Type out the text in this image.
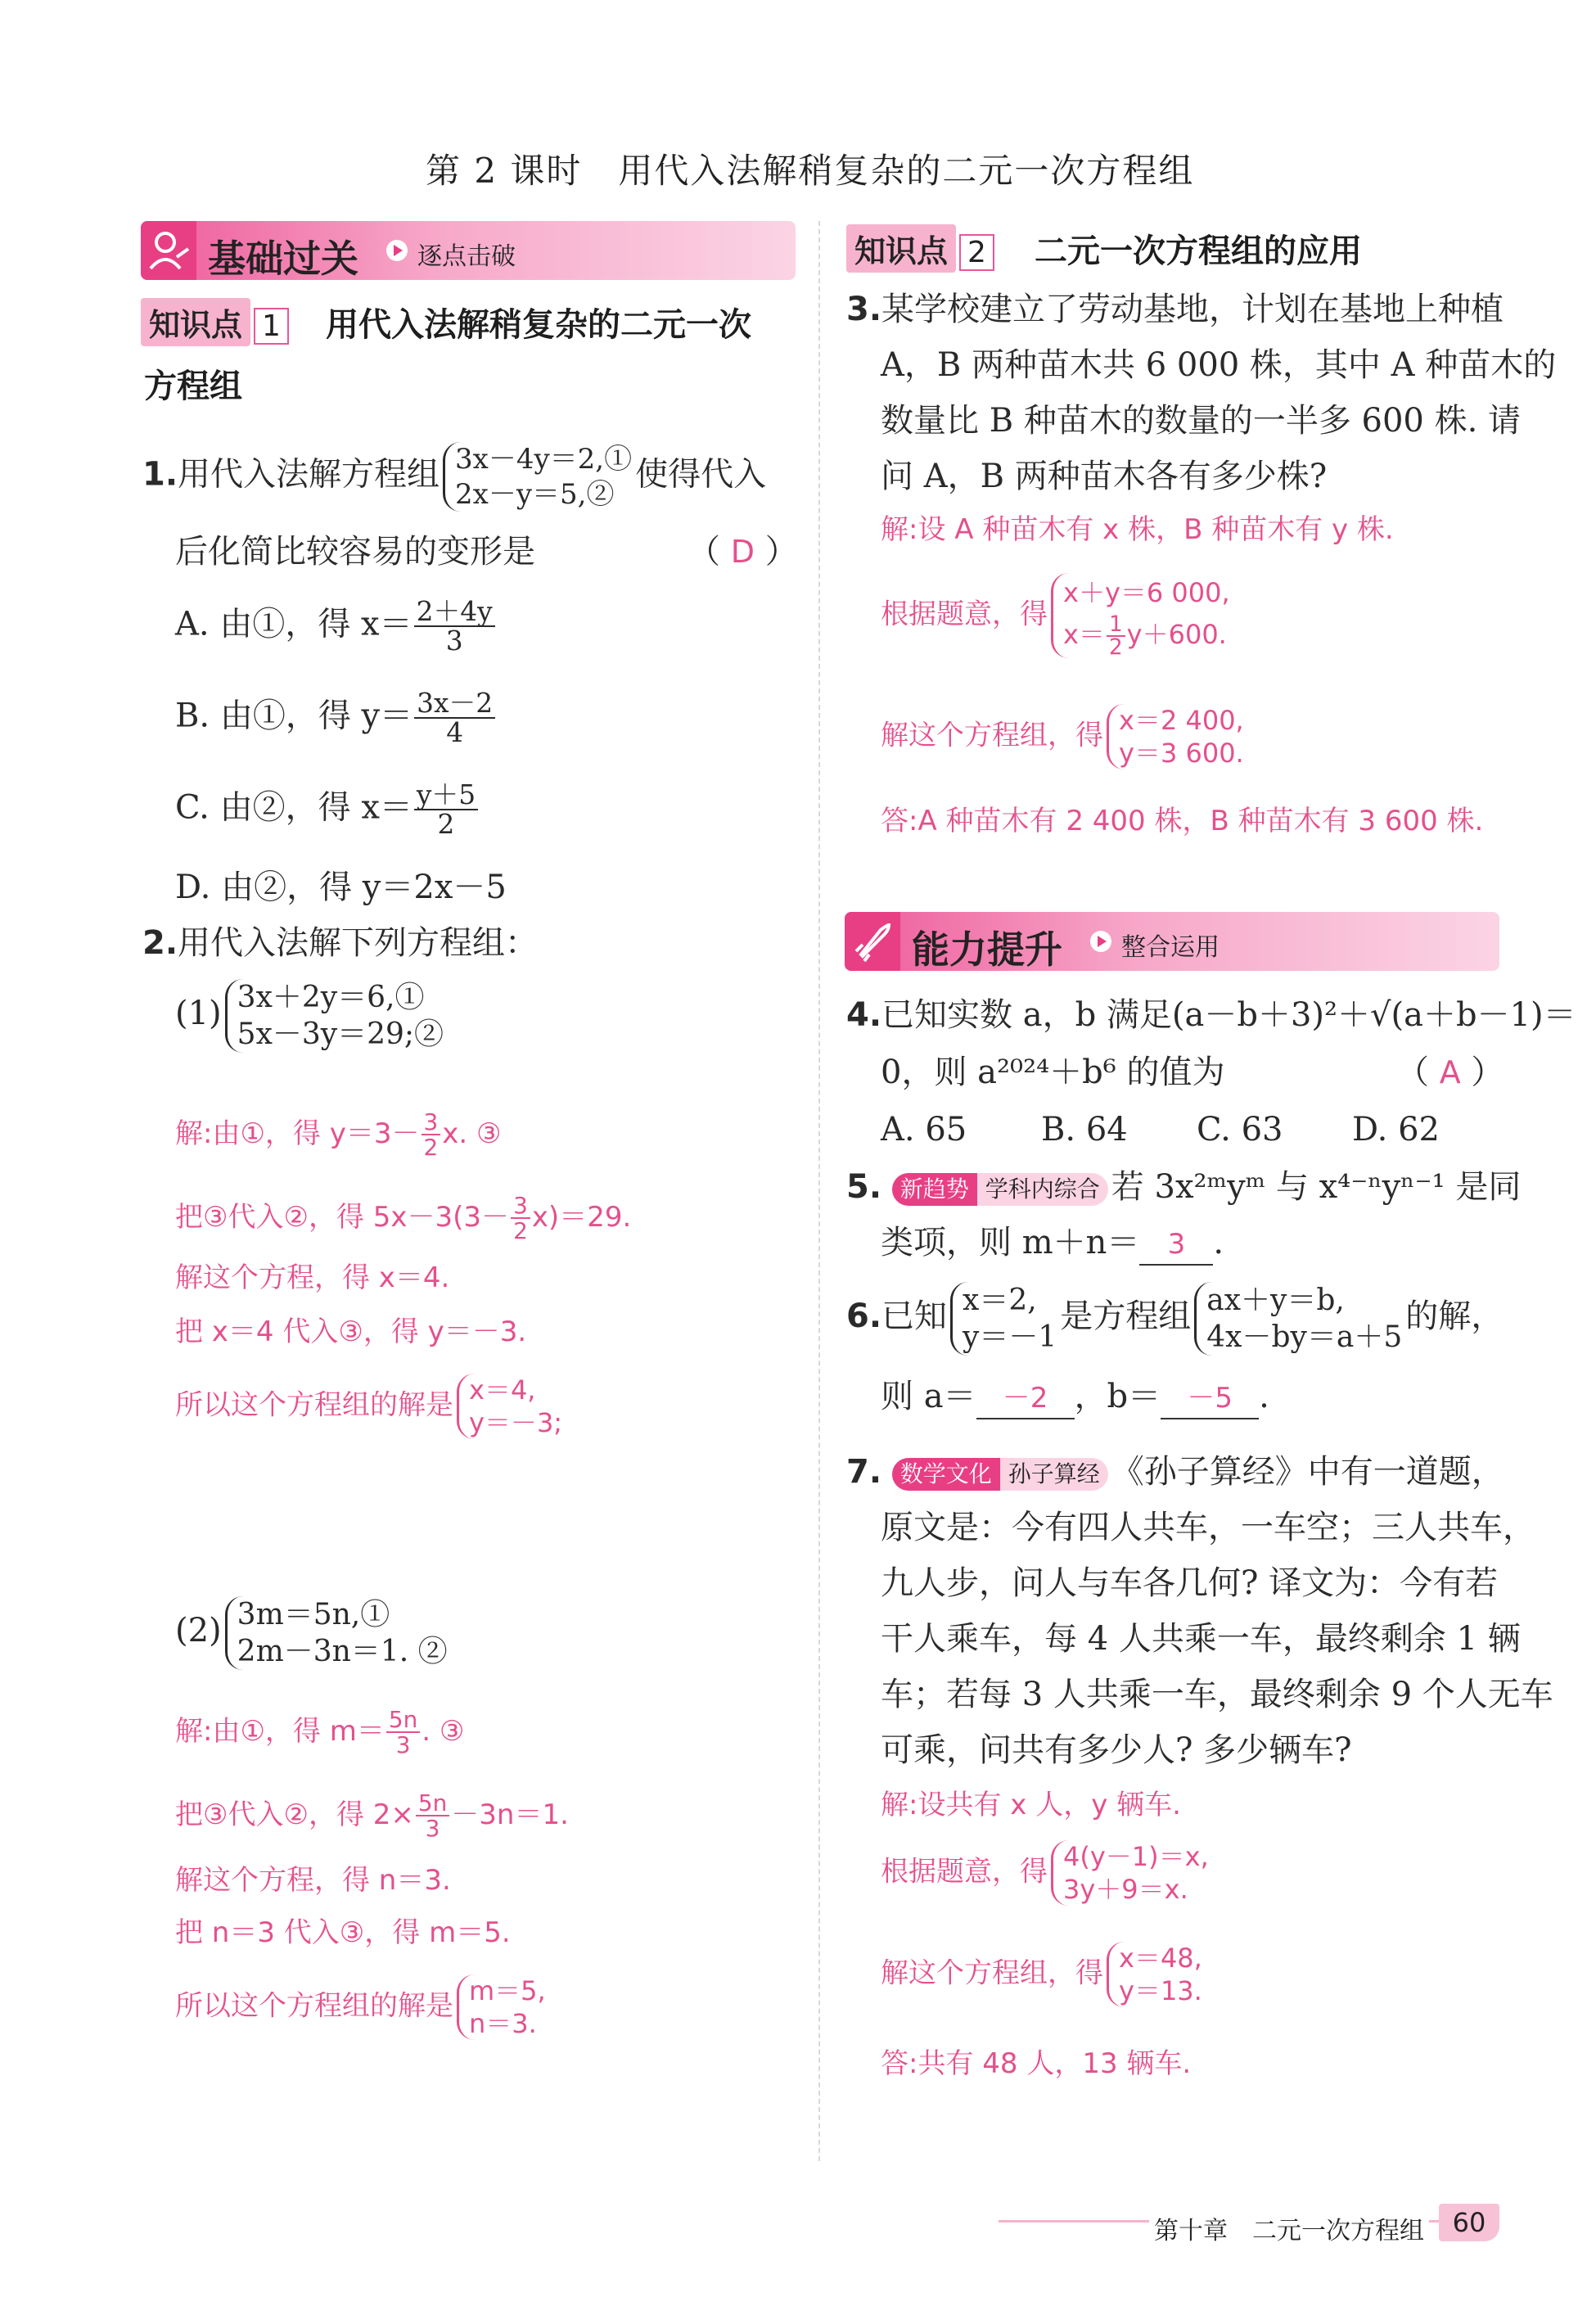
第 2 课时　用代入法解稍复杂的二元一次方程组
基础过关 逐点击破
知识点 1 用代入法解稍复杂的二元一次
方程组
1.用代入法解方程组 3x－4y＝2,①
2x－y＝5,②
使得代入
后化简比较容易的变形是	（ D ）
A. 由①，得 $x= \frac{2+4y}{3}$
B. 由①，得 $y= \frac{3x-2}{4}$
C. 由②，得 $x= \frac{y+5}{2}$
D. 由②，得 y＝2x－5
2.用代入法解下列方程组：
(1) 3x＋2y＝6,①
5x－3y＝29;②
解:由①，得 $y=3- \frac{3}{2} x$. ③
把③代入②，得 $5x-3(3- \frac{3}{2} x)=29$.
解这个方程，得 x＝4.
把 x＝4 代入③，得 y＝－3.
所以这个方程组的解是 x＝4,
y＝－3;
(2) 3m＝5n,①
2m－3n＝1. ②
解:由①，得 $m= \frac{5n}{3}$ . ③
把③代入②，得 $2\times \frac{5n}{3} -3n=1$.
解这个方程，得 n＝3.
把 n＝3 代入③，得 m＝5.
所以这个方程组的解是 m＝5,
n＝3.
知识点 2 二元一次方程组的应用
3.某学校建立了劳动基地，计划在基地上种植
A，B 两种苗木共 6 000 株，其中 A 种苗木的
数量比 B 种苗木的数量的一半多 600 株. 请
问 A，B 两种苗木各有多少株?
解:设 A 种苗木有 x 株，B 种苗木有 y 株.
根据题意，得
x＋y＝6 000,
$x= \frac{1}{2} y+600$.
解这个方程组，得 x＝2 400,
y＝3 600.
答:A 种苗木有 2 400 株，B 种苗木有 3 600 株.
能力提升 整合运用
4.已知实数 a，b 满足(a－b＋3)²＋√(a＋b－1)＝
0，则 a²⁰²⁴＋b⁶ 的值为	（ A ）
A. 65 B. 64 C. 63 D. 62
5. 新趋势 学科内综合 若 3x²ᵐyᵐ 与 x⁴⁻ⁿyⁿ⁻¹ 是同
类项，则 m＋n＝ 3 .
6.已知 x＝2,
y＝－1
是方程组 ax＋y＝b,
4x－by＝a＋5
的解，
则 a＝ －2 ，b＝ －5 .
7. 数学文化 孙子算经 《孙子算经》中有一道题，
原文是：今有四人共车，一车空；三人共车，
九人步，问人与车各几何? 译文为：今有若
干人乘车，每 4 人共乘一车，最终剩余 1 辆
车；若每 3 人共乘一车，最终剩余 9 个人无车
可乘，问共有多少人? 多少辆车?
解:设共有 x 人，y 辆车.
根据题意，得 4(y－1)＝x,
3y＋9＝x.
解这个方程组，得 x＝48,
y＝13.
答:共有 48 人，13 辆车.
第十章　二元一次方程组	60
